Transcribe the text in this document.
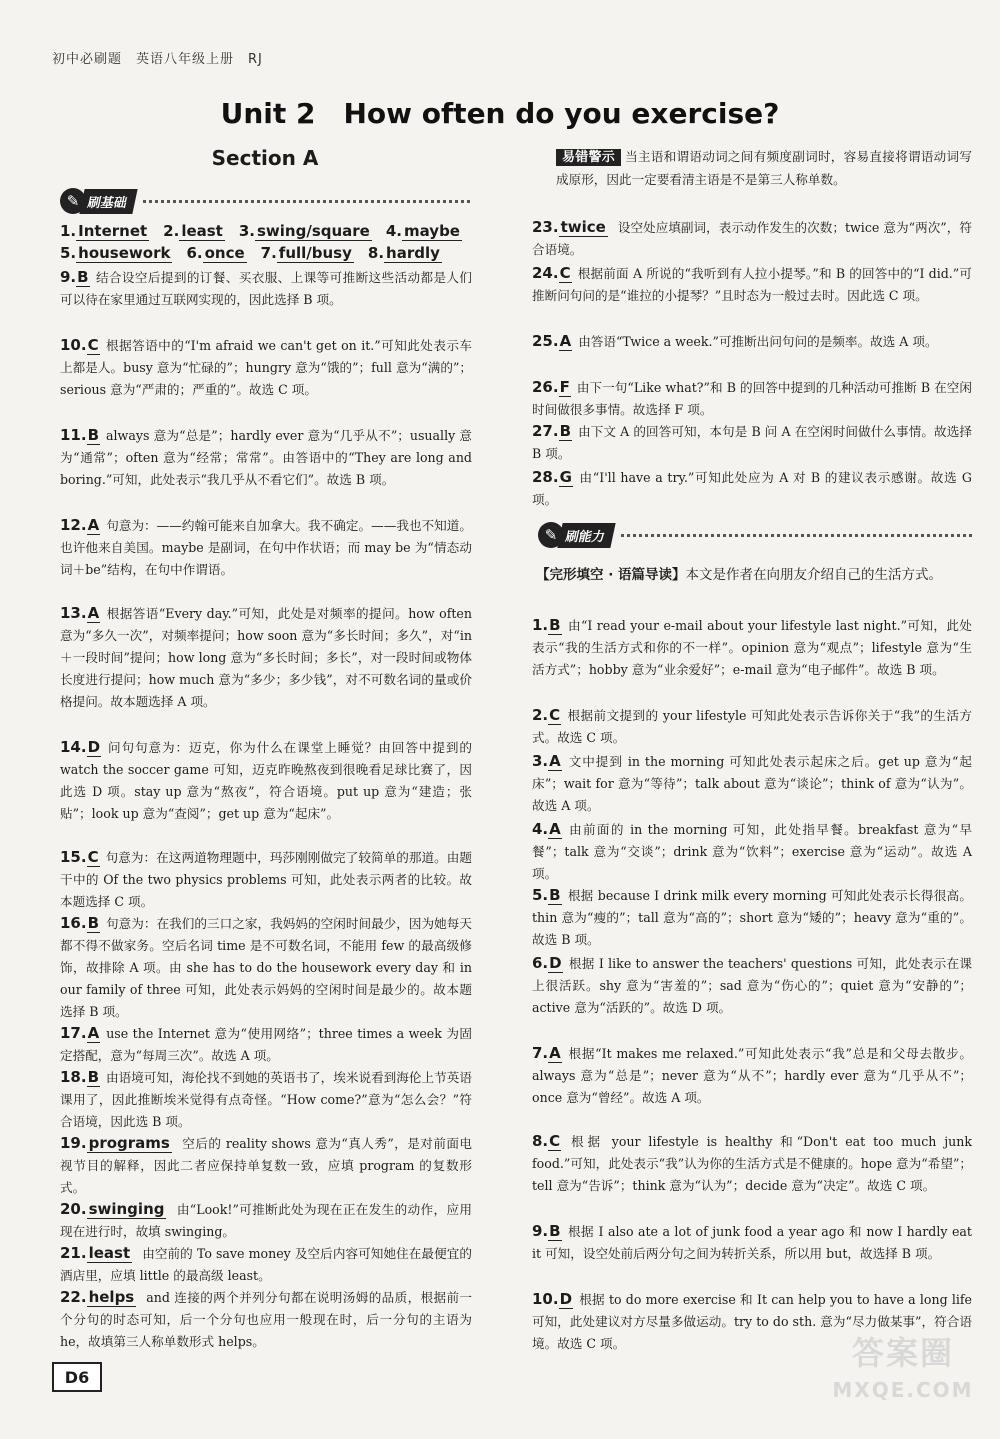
初中必刷题　英语八年级上册　RJ
Unit 2　How often do you exercise?
Section A
✎ 刷基础
1. Internet 2. least 3. swing/square 4. maybe
5. housework 6. once 7. full/busy 8. hardly
9.B 结合设空后提到的订餐、买衣服、上课等可推断这些活动都是人们可以待在家里通过互联网实现的，因此选择 B 项。
10.C 根据答语中的“I'm afraid we can't get on it.”可知此处表示车上都是人。busy 意为“忙碌的”；hungry 意为“饿的”；full 意为“满的”；serious 意为“严肃的；严重的”。故选 C 项。
11.B always 意为“总是”；hardly ever 意为“几乎从不”；usually 意为“通常”；often 意为“经常；常常”。由答语中的“They are long and boring.”可知，此处表示“我几乎从不看它们”。故选 B 项。
12.A 句意为：——约翰可能来自加拿大。我不确定。——我也不知道。也许他来自美国。maybe 是副词，在句中作状语；而 may be 为“情态动词＋be”结构，在句中作谓语。
13.A 根据答语“Every day.”可知，此处是对频率的提问。how often 意为“多久一次”，对频率提问；how soon 意为“多长时间；多久”，对“in＋一段时间”提问；how long 意为“多长时间；多长”，对一段时间或物体长度进行提问；how much 意为“多少；多少钱”，对不可数名词的量或价格提问。故本题选择 A 项。
14.D 问句句意为：迈克，你为什么在课堂上睡觉？由回答中提到的 watch the soccer game 可知，迈克昨晚熬夜到很晚看足球比赛了，因此选 D 项。stay up 意为“熬夜”，符合语境。put up 意为“建造；张贴”；look up 意为“查阅”；get up 意为“起床”。
15.C 句意为：在这两道物理题中，玛莎刚刚做完了较简单的那道。由题干中的 Of the two physics problems 可知，此处表示两者的比较。故本题选择 C 项。
16.B 句意为：在我们的三口之家，我妈妈的空闲时间最少，因为她每天都不得不做家务。空后名词 time 是不可数名词，不能用 few 的最高级修饰，故排除 A 项。由 she has to do the housework every day 和 in our family of three 可知，此处表示妈妈的空闲时间是最少的。故本题选择 B 项。
17.A use the Internet 意为“使用网络”；three times a week 为固定搭配，意为“每周三次”。故选 A 项。
18.B 由语境可知，海伦找不到她的英语书了，埃米说看到海伦上节英语课用了，因此推断埃米觉得有点奇怪。“How come?”意为“怎么会？”符合语境，因此选 B 项。
19. programs 空后的 reality shows 意为“真人秀”，是对前面电视节目的解释，因此二者应保持单复数一致，应填 program 的复数形式。
20. swinging 由“Look!”可推断此处为现在正在发生的动作，应用现在进行时，故填 swinging。
21. least 由空前的 To save money 及空后内容可知她住在最便宜的酒店里，应填 little 的最高级 least。
22. helps and 连接的两个并列分句都在说明汤姆的品质，根据前一个分句的时态可知，后一个分句也应用一般现在时，后一分句的主语为 he，故填第三人称单数形式 helps。
易错警示 当主语和谓语动词之间有频度副词时，容易直接将谓语动词写成原形，因此一定要看清主语是不是第三人称单数。
23. twice 设空处应填副词，表示动作发生的次数；twice 意为“两次”，符合语境。
24.C 根据前面 A 所说的“我听到有人拉小提琴。”和 B 的回答中的“I did.”可推断问句问的是“谁拉的小提琴？”且时态为一般过去时。因此选 C 项。
25.A 由答语“Twice a week.”可推断出问句问的是频率。故选 A 项。
26.F 由下一句“Like what?”和 B 的回答中提到的几种活动可推断 B 在空闲时间做很多事情。故选择 F 项。
27.B 由下文 A 的回答可知，本句是 B 问 A 在空闲时间做什么事情。故选择 B 项。
28.G 由“I'll have a try.”可知此处应为 A 对 B 的建议表示感谢。故选 G 项。
✎ 刷能力
【完形填空 · 语篇导读】本文是作者在向朋友介绍自己的生活方式。
1.B 由“I read your e-mail about your lifestyle last night.”可知，此处表示“我的生活方式和你的不一样”。opinion 意为“观点”；lifestyle 意为“生活方式”；hobby 意为“业余爱好”；e-mail 意为“电子邮件”。故选 B 项。
2.C 根据前文提到的 your lifestyle 可知此处表示告诉你关于“我”的生活方式。故选 C 项。
3.A 文中提到 in the morning 可知此处表示起床之后。get up 意为“起床”；wait for 意为“等待”；talk about 意为“谈论”；think of 意为“认为”。故选 A 项。
4.A 由前面的 in the morning 可知，此处指早餐。breakfast 意为“早餐”；talk 意为“交谈”；drink 意为“饮料”；exercise 意为“运动”。故选 A 项。
5.B 根据 because I drink milk every morning 可知此处表示长得很高。thin 意为“瘦的”；tall 意为“高的”；short 意为“矮的”；heavy 意为“重的”。故选 B 项。
6.D 根据 I like to answer the teachers' questions 可知，此处表示在课上很活跃。shy 意为“害羞的”；sad 意为“伤心的”；quiet 意为“安静的”；active 意为“活跃的”。故选 D 项。
7.A 根据“It makes me relaxed.”可知此处表示“我”总是和父母去散步。always 意为“总是”；never 意为“从不”；hardly ever 意为“几乎从不”；once 意为“曾经”。故选 A 项。
8.C 根据 your lifestyle is healthy 和“Don't eat too much junk food.”可知，此处表示“我”认为你的生活方式是不健康的。hope 意为“希望”；tell 意为“告诉”；think 意为“认为”；decide 意为“决定”。故选 C 项。
9.B 根据 I also ate a lot of junk food a year ago 和 now I hardly eat it 可知，设空处前后两分句之间为转折关系，所以用 but，故选择 B 项。
10.D 根据 to do more exercise 和 It can help you to have a long life 可知，此处建议对方尽量多做运动。try to do sth. 意为“尽力做某事”，符合语境。故选 C 项。
D6
答案圈
MXQE.COM
